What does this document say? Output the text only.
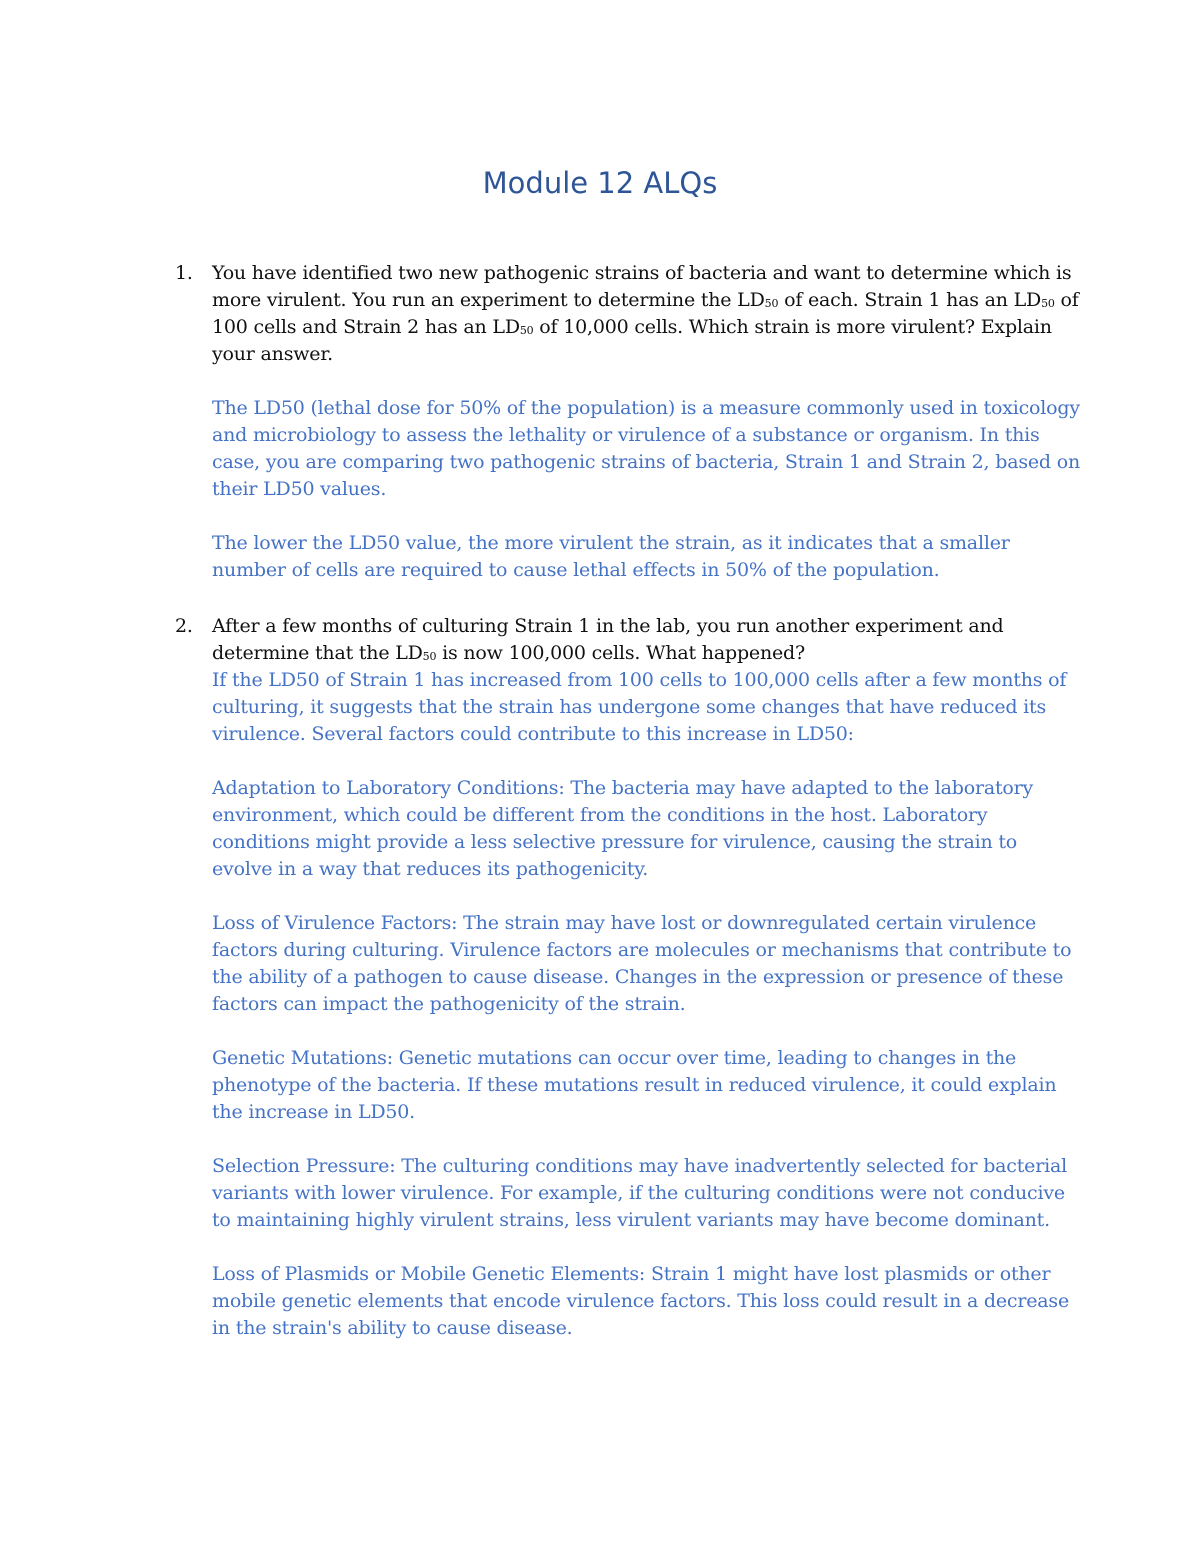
Module 12 ALQs
1. You have identified two new pathogenic strains of bacteria and want to determine which is more virulent. You run an experiment to determine the $LD_{50}$ of each. Strain 1 has an $LD_{50}$ of 100 cells and Strain 2 has an $LD_{50}$ of 10,000 cells. Which strain is more virulent? Explain your answer.

The LD50 (lethal dose for 50% of the population) is a measure commonly used in toxicology and microbiology to assess the lethality or virulence of a substance or organism. In this case, you are comparing two pathogenic strains of bacteria, Strain 1 and Strain 2, based on their LD50 values.

The lower the LD50 value, the more virulent the strain, as it indicates that a smaller number of cells are required to cause lethal effects in 50% of the population.

2. After a few months of culturing Strain 1 in the lab, you run another experiment and determine that the $LD_{50}$ is now 100,000 cells. What happened?

If the LD50 of Strain 1 has increased from 100 cells to 100,000 cells after a few months of culturing, it suggests that the strain has undergone some changes that have reduced its virulence. Several factors could contribute to this increase in LD50:

Adaptation to Laboratory Conditions: The bacteria may have adapted to the laboratory environment, which could be different from the conditions in the host. Laboratory conditions might provide a less selective pressure for virulence, causing the strain to evolve in a way that reduces its pathogenicity.

Loss of Virulence Factors: The strain may have lost or downregulated certain virulence factors during culturing. Virulence factors are molecules or mechanisms that contribute to the ability of a pathogen to cause disease. Changes in the expression or presence of these factors can impact the pathogenicity of the strain.

Genetic Mutations: Genetic mutations can occur over time, leading to changes in the phenotype of the bacteria. If these mutations result in reduced virulence, it could explain the increase in LD50.

Selection Pressure: The culturing conditions may have inadvertently selected for bacterial variants with lower virulence. For example, if the culturing conditions were not conducive to maintaining highly virulent strains, less virulent variants may have become dominant.

Loss of Plasmids or Mobile Genetic Elements: Strain 1 might have lost plasmids or other mobile genetic elements that encode virulence factors. This loss could result in a decrease in the strain's ability to cause disease.
